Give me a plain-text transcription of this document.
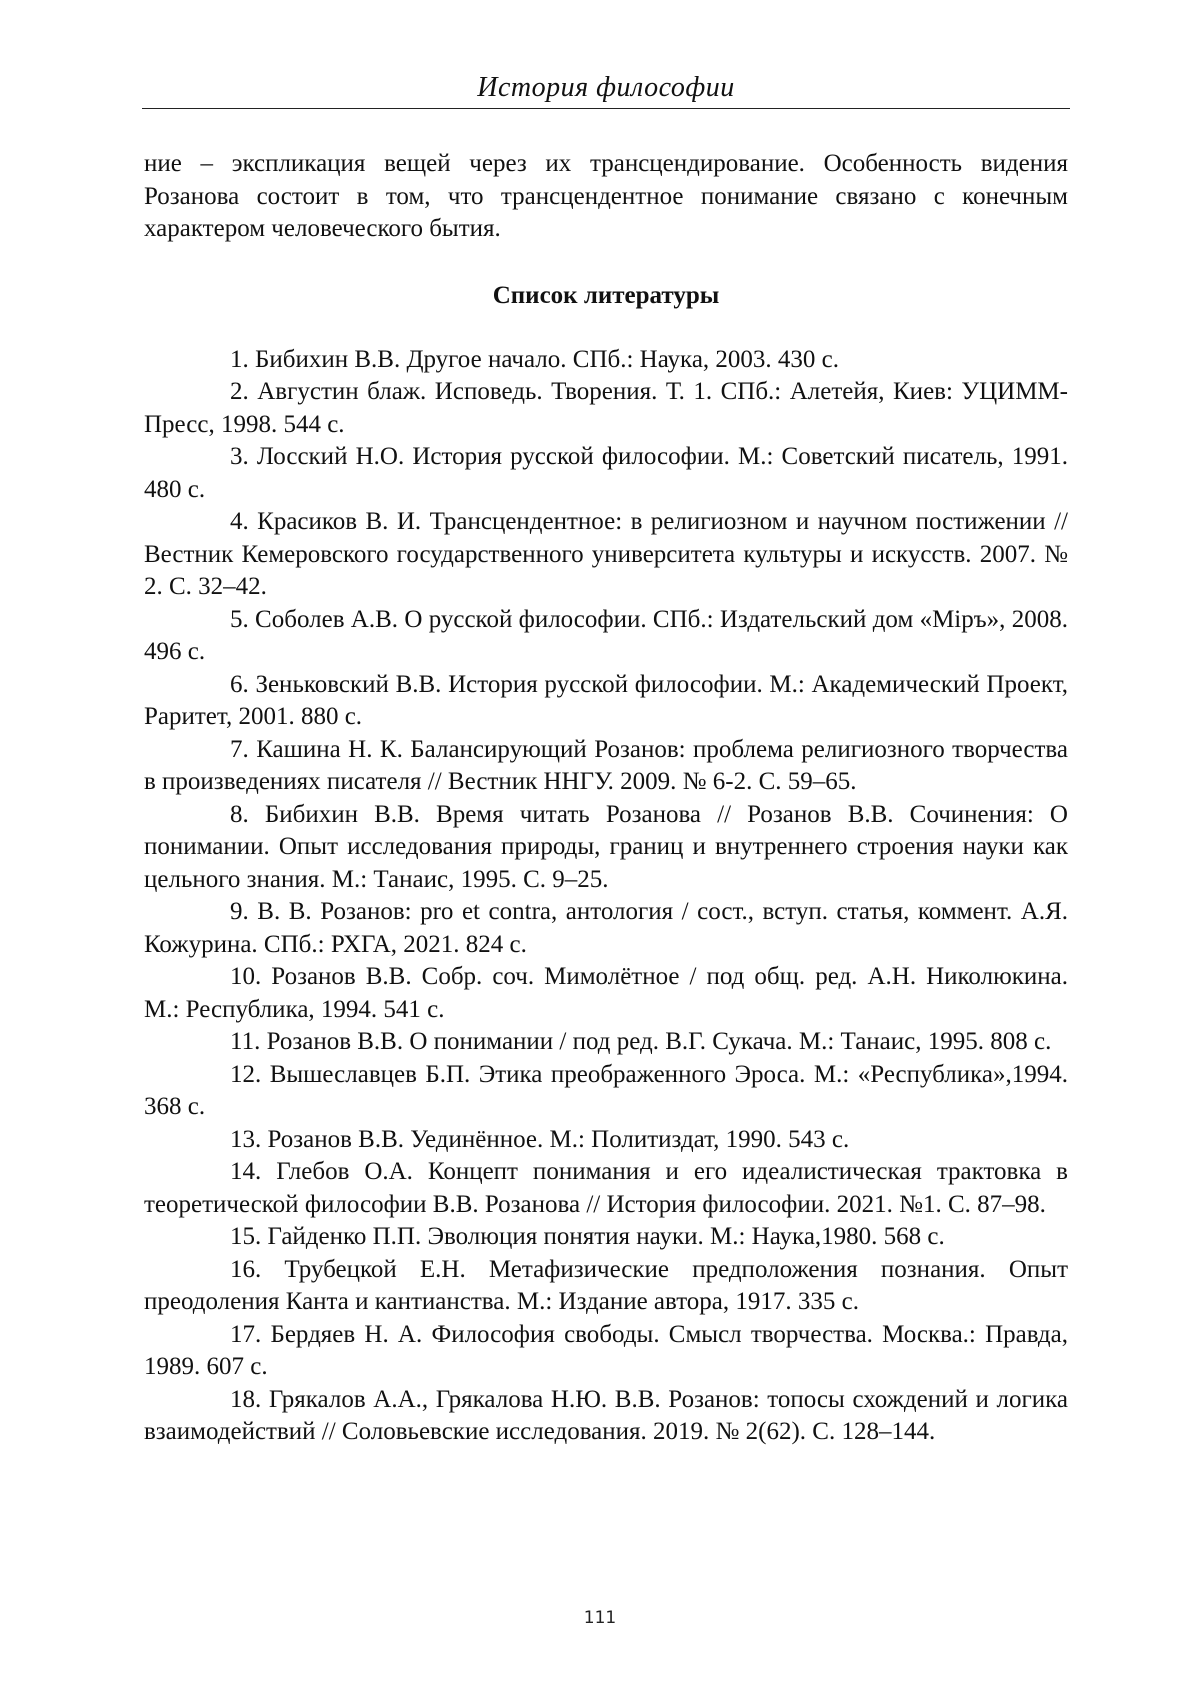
История философии

ние – экспликация вещей через их трансцендирование. Особенность видения Розанова состоит в том, что трансцендентное понимание связано с конечным характером человеческого бытия.

Список литературы
1. Бибихин В.В. Другое начало. СПб.: Наука, 2003. 430 с.
2. Августин блаж. Исповедь. Творения. Т. 1. СПб.: Алетейя, Киев: УЦИММ-Пресс, 1998. 544 с.
3. Лосский Н.О. История русской философии. М.: Советский писатель, 1991. 480 с.
4. Красиков В. И. Трансцендентное: в религиозном и научном постижении // Вестник Кемеровского государственного университета культуры и искусств. 2007. № 2. С. 32–42.
5. Соболев А.В. О русской философии. СПб.: Издательский дом «Міръ», 2008. 496 с.
6. Зеньковский В.В. История русской философии. М.: Академический Проект, Раритет, 2001. 880 с.
7. Кашина Н. К. Балансирующий Розанов: проблема религиозного творчества в произведениях писателя // Вестник ННГУ. 2009. № 6-2. С. 59–65.
8. Бибихин В.В. Время читать Розанова // Розанов В.В. Сочинения: О понимании. Опыт исследования природы, границ и внутреннего строения науки как цельного знания. М.: Танаис, 1995. С. 9–25.
9. В. В. Розанов: pro et contra, антология / сост., вступ. статья, коммент. А.Я. Кожурина. СПб.: РХГА, 2021. 824 с.
10. Розанов В.В. Собр. соч. Мимолётное / под общ. ред. А.Н. Николюкина. М.: Республика, 1994. 541 с.
11. Розанов В.В. О понимании / под ред. В.Г. Сукача. М.: Танаис, 1995. 808 с.
12. Вышеславцев Б.П. Этика преображенного Эроса. М.: «Республика»,1994. 368 с.
13. Розанов В.В. Уединённое. М.: Политиздат, 1990. 543 с.
14. Глебов О.А. Концепт понимания и его идеалистическая трактовка в теоретической философии В.В. Розанова // История философии. 2021. №1. С. 87–98.
15. Гайденко П.П. Эволюция понятия науки. М.: Наука,1980. 568 с.
16. Трубецкой Е.Н. Метафизические предположения познания. Опыт преодоления Канта и кантианства. М.: Издание автора, 1917. 335 с.
17. Бердяев Н. А. Философия свободы. Смысл творчества. Москва.: Правда, 1989. 607 с.
18. Грякалов А.А., Грякалова Н.Ю. В.В. Розанов: топосы схождений и логика взаимодействий // Соловьевские исследования. 2019. № 2(62). С. 128–144.
111
